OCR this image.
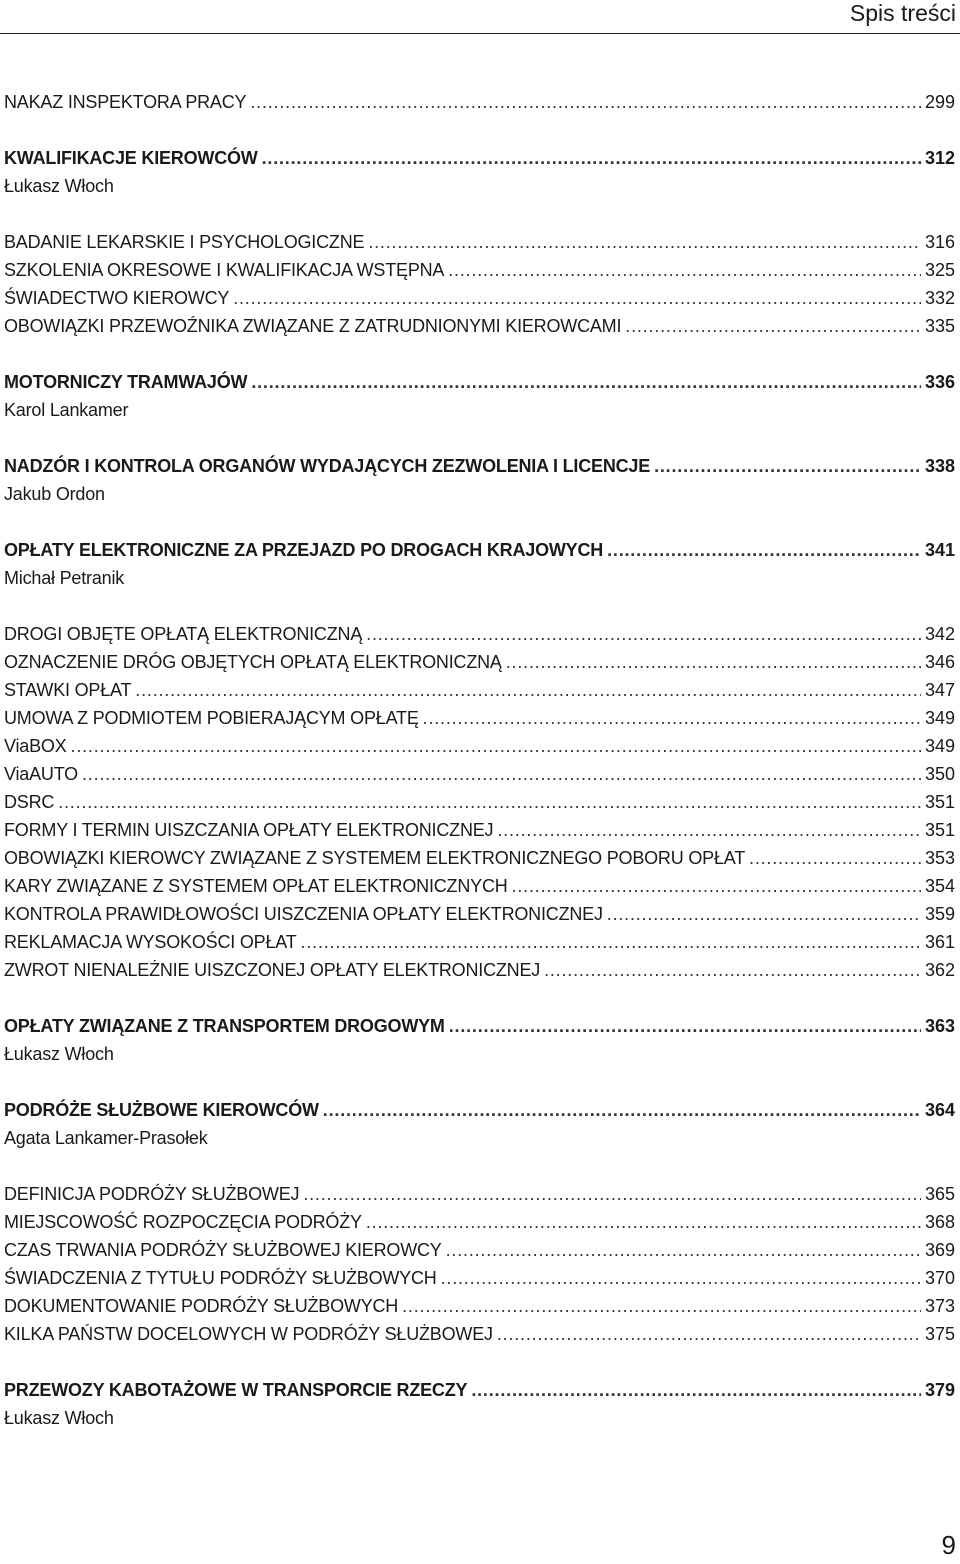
Spis treści
NAKAZ INSPEKTORA PRACY . . .	299
KWALIFIKACJE KIEROWCÓW . . .	312
Łukasz Włoch
BADANIE LEKARSKIE I PSYCHOLOGICZNE . . .	316
SZKOLENIA OKRESOWE I KWALIFIKACJA WSTĘPNA . . .	325
ŚWIADECTWO KIEROWCY . . .	332
OBOWIĄZKI PRZEWOŹNIKA ZWIĄZANE Z ZATRUDNIONYMI KIEROWCAMI . . .	335
MOTORNICZY TRAMWAJÓW . . .	336
Karol Lankamer
NADZÓR I KONTROLA ORGANÓW WYDAJĄCYCH ZEZWOLENIA I LICENCJE . . .	338
Jakub Ordon
OPŁATY ELEKTRONICZNE ZA PRZEJAZD PO DROGACH KRAJOWYCH . . .	341
Michał Petranik
DROGI OBJĘTE OPŁATĄ ELEKTRONICZNĄ . . .	342
OZNACZENIE DRÓG OBJĘTYCH OPŁATĄ ELEKTRONICZNĄ . . .	346
STAWKI OPŁAT . . .	347
UMOWA Z PODMIOTEM POBIERAJĄCYM OPŁATĘ . . .	349
ViaBOX . . .	349
ViaAUTO . . .	350
DSRC . . .	351
FORMY I TERMIN UISZCZANIA OPŁATY ELEKTRONICZNEJ . . .	351
OBOWIĄZKI KIEROWCY ZWIĄZANE Z SYSTEMEM ELEKTRONICZNEGO POBORU OPŁAT . . .	353
KARY ZWIĄZANE Z SYSTEMEM OPŁAT ELEKTRONICZNYCH . . .	354
KONTROLA PRAWIDŁOWOŚCI UISZCZENIA OPŁATY ELEKTRONICZNEJ . . .	359
REKLAMACJA WYSOKOŚCI OPŁAT . . .	361
ZWROT NIENALEŻNIE UISZCZONEJ OPŁATY ELEKTRONICZNEJ . . .	362
OPŁATY ZWIĄZANE Z TRANSPORTEM DROGOWYM . . .	363
Łukasz Włoch
PODRÓŻE SŁUŻBOWE KIEROWCÓW . . .	364
Agata Lankamer-Prasołek
DEFINICJA PODRÓŻY SŁUŻBOWEJ . . .	365
MIEJSCOWOŚĆ ROZPOCZĘCIA PODRÓŻY . . .	368
CZAS TRWANIA PODRÓŻY SŁUŻBOWEJ KIEROWCY . . .	369
ŚWIADCZENIA Z TYTUŁU PODRÓŻY SŁUŻBOWYCH . . .	370
DOKUMENTOWANIE PODRÓŻY SŁUŻBOWYCH . . .	373
KILKA PAŃSTW DOCELOWYCH W PODRÓŻY SŁUŻBOWEJ . . .	375
PRZEWOZY KABOTAŻOWE W TRANSPORCIE RZECZY . . .	379
Łukasz Włoch
9
